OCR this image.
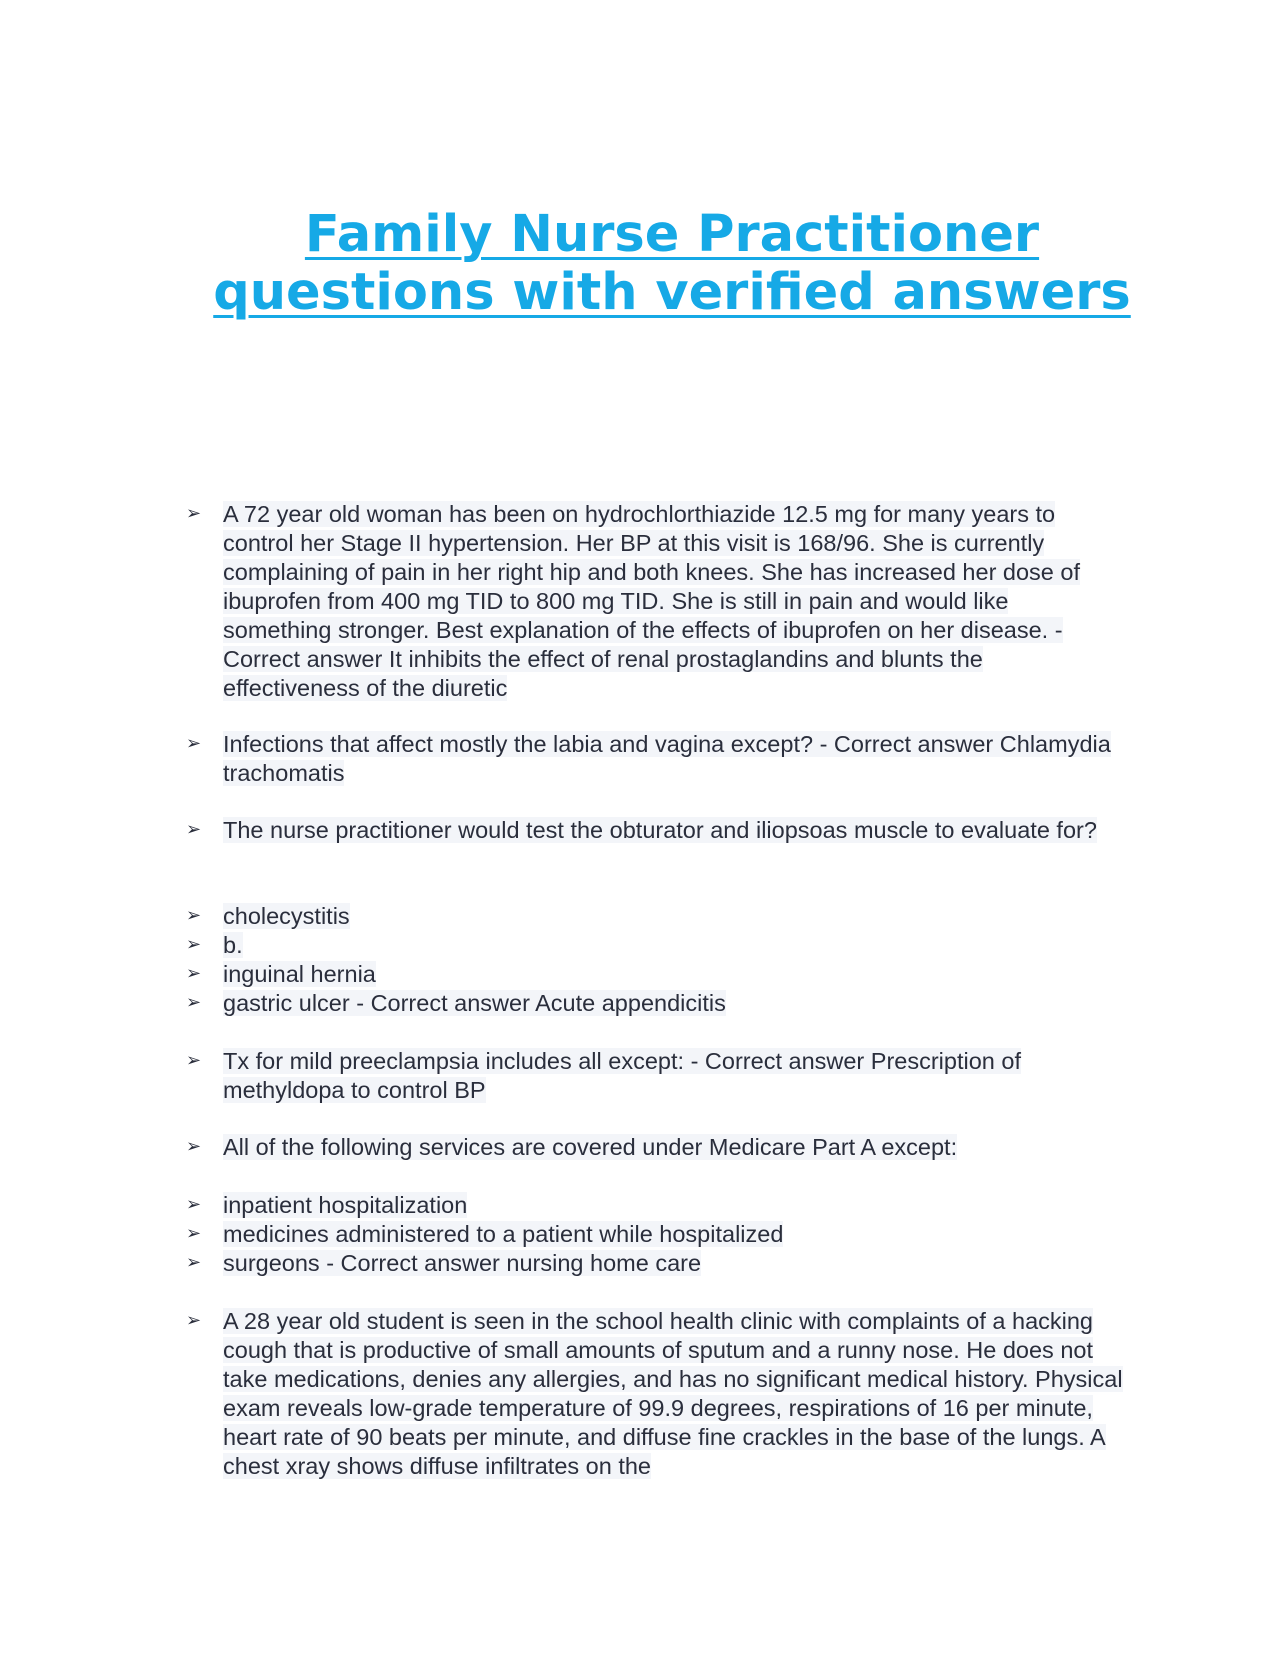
Family Nurse Practitioner
questions with verified answers
➢ A 72 year old woman has been on hydrochlorthiazide 12.5 mg for many years to control her Stage II hypertension. Her BP at this visit is 168/96. She is currently complaining of pain in her right hip and both knees. She has increased her dose of ibuprofen from 400 mg TID to 800 mg TID. She is still in pain and would like something stronger. Best explanation of the effects of ibuprofen on her disease. - Correct answer It inhibits the effect of renal prostaglandins and blunts the effectiveness of the diuretic
➢ Infections that affect mostly the labia and vagina except? - Correct answer Chlamydia trachomatis
➢ The nurse practitioner would test the obturator and iliopsoas muscle to evaluate for?
➢ cholecystitis
➢ b.
➢ inguinal hernia
➢ gastric ulcer - Correct answer Acute appendicitis
➢ Tx for mild preeclampsia includes all except: - Correct answer Prescription of methyldopa to control BP
➢ All of the following services are covered under Medicare Part A except:
➢ inpatient hospitalization
➢ medicines administered to a patient while hospitalized
➢ surgeons - Correct answer nursing home care
➢ A 28 year old student is seen in the school health clinic with complaints of a hacking cough that is productive of small amounts of sputum and a runny nose. He does not take medications, denies any allergies, and has no significant medical history. Physical exam reveals low-grade temperature of 99.9 degrees, respirations of 16 per minute, heart rate of 90 beats per minute, and diffuse fine crackles in the base of the lungs. A chest xray shows diffuse infiltrates on the
